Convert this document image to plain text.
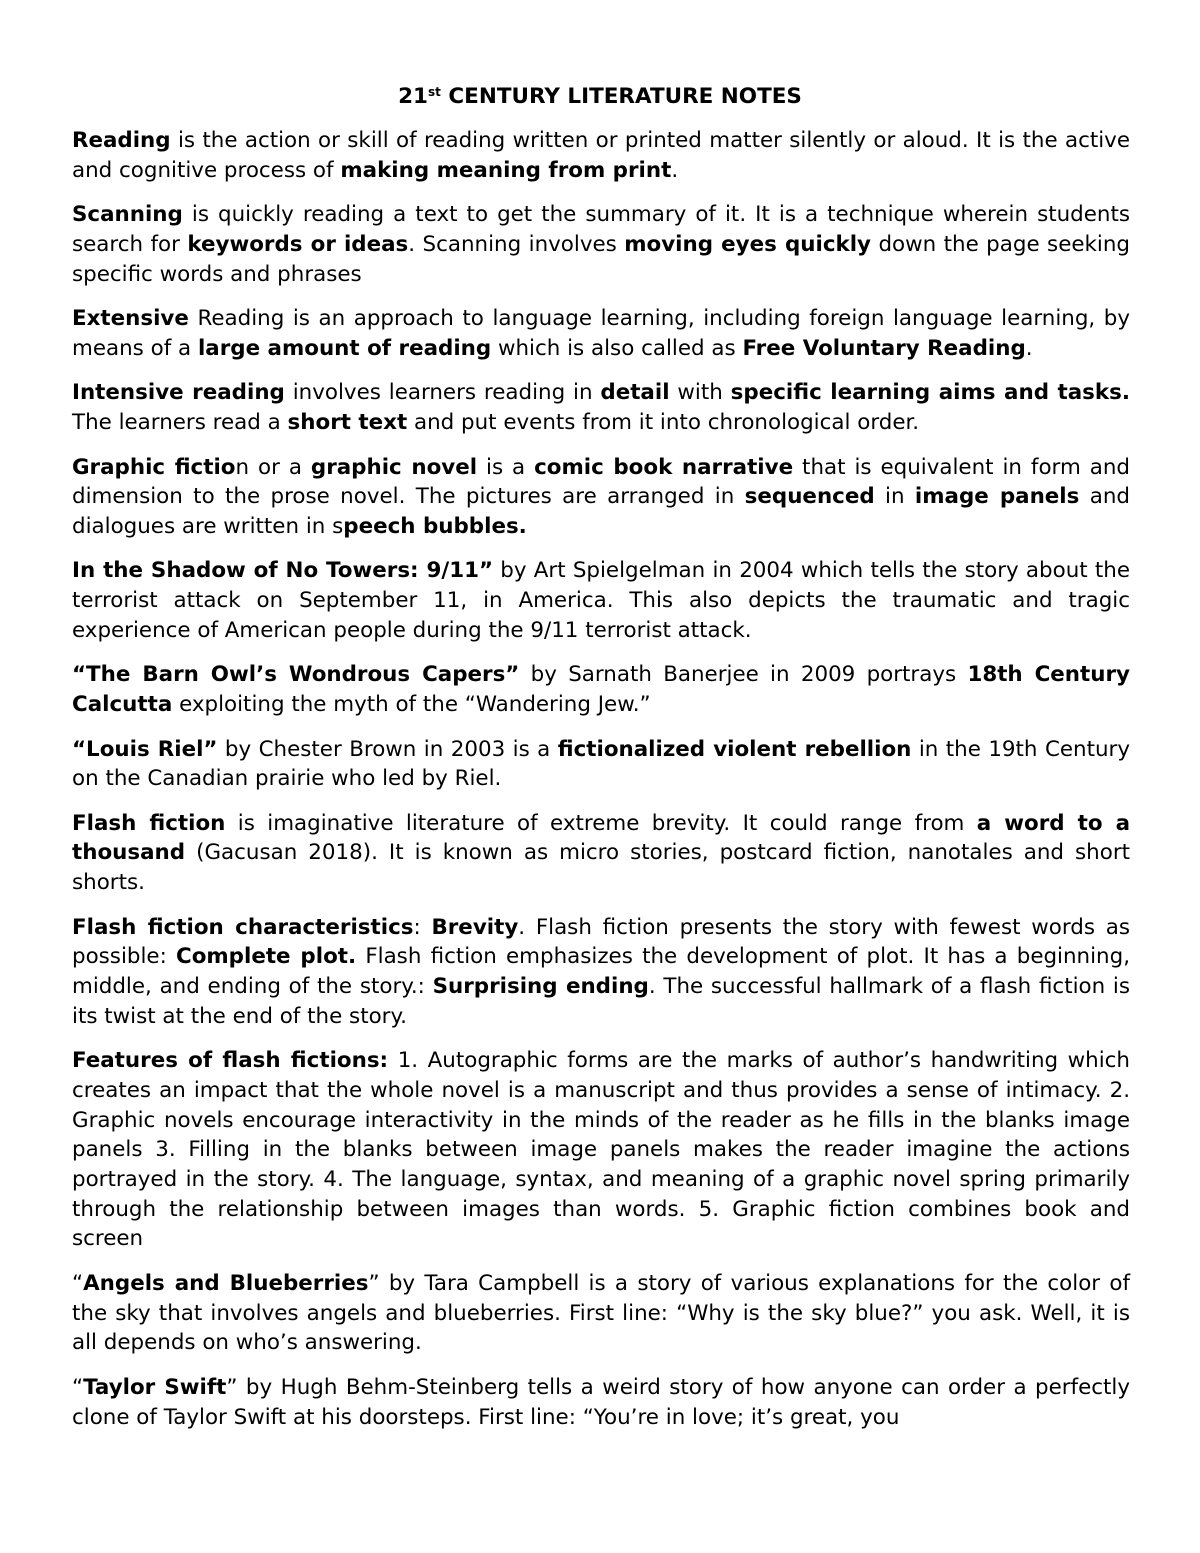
21st CENTURY LITERATURE NOTES

Reading is the action or skill of reading written or printed matter silently or aloud. It is the active and cognitive process of making meaning from print.

Scanning is quickly reading a text to get the summary of it. It is a technique wherein students search for keywords or ideas. Scanning involves moving eyes quickly down the page seeking specific words and phrases

Extensive Reading is an approach to language learning, including foreign language learning, by means of a large amount of reading which is also called as Free Voluntary Reading.

Intensive reading involves learners reading in detail with specific learning aims and tasks. The learners read a short text and put events from it into chronological order.

Graphic fiction or a graphic novel is a comic book narrative that is equivalent in form and dimension to the prose novel. The pictures are arranged in sequenced in image panels and dialogues are written in speech bubbles.

In the Shadow of No Towers: 9/11” by Art Spielgelman in 2004 which tells the story about the terrorist attack on September 11, in America. This also depicts the traumatic and tragic experience of American people during the 9/11 terrorist attack.

“The Barn Owl’s Wondrous Capers” by Sarnath Banerjee in 2009 portrays 18th Century Calcutta exploiting the myth of the “Wandering Jew.”

“Louis Riel” by Chester Brown in 2003 is a fictionalized violent rebellion in the 19th Century on the Canadian prairie who led by Riel.

Flash fiction is imaginative literature of extreme brevity. It could range from a word to a thousand (Gacusan 2018). It is known as micro stories, postcard fiction, nanotales and short shorts.

Flash fiction characteristics: Brevity. Flash fiction presents the story with fewest words as possible: Complete plot. Flash fiction emphasizes the development of plot. It has a beginning, middle, and ending of the story.: Surprising ending. The successful hallmark of a flash fiction is its twist at the end of the story.

Features of flash fictions: 1. Autographic forms are the marks of author’s handwriting which creates an impact that the whole novel is a manuscript and thus provides a sense of intimacy. 2. Graphic novels encourage interactivity in the minds of the reader as he fills in the blanks image panels 3. Filling in the blanks between image panels makes the reader imagine the actions portrayed in the story. 4. The language, syntax, and meaning of a graphic novel spring primarily through the relationship between images than words. 5. Graphic fiction combines book and screen

“Angels and Blueberries” by Tara Campbell is a story of various explanations for the color of the sky that involves angels and blueberries. First line: “Why is the sky blue?” you ask. Well, it is all depends on who’s answering.

“Taylor Swift” by Hugh Behm-Steinberg tells a weird story of how anyone can order a perfectly clone of Taylor Swift at his doorsteps. First line: “You’re in love; it’s great, you
